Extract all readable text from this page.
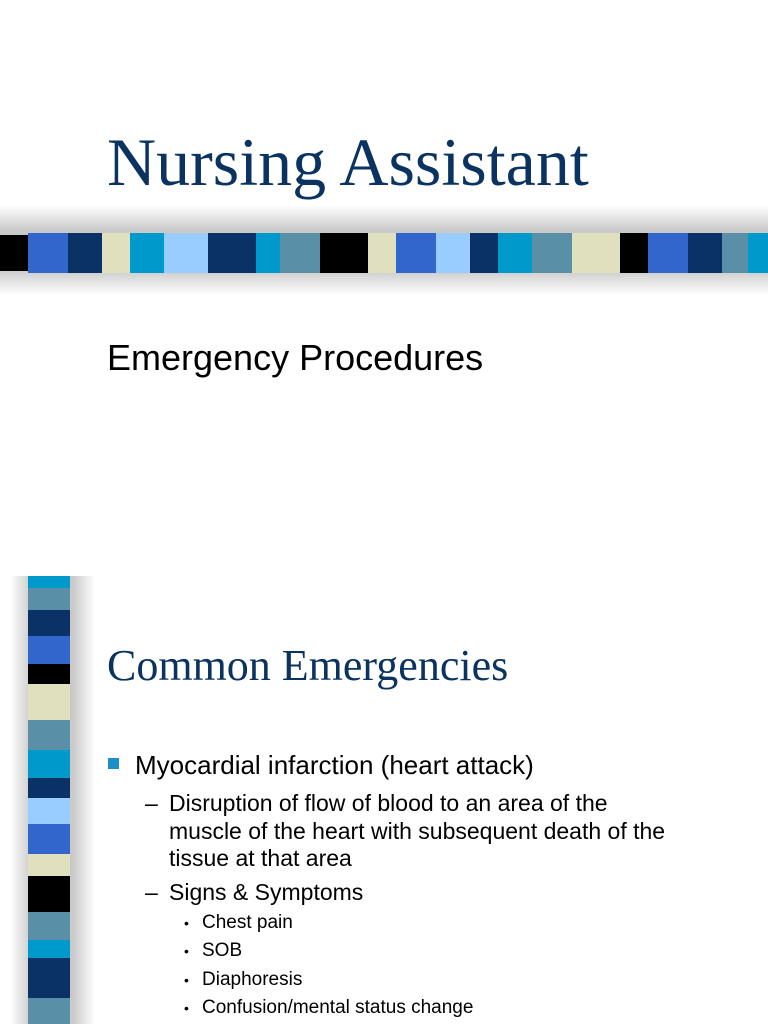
Nursing Assistant

Emergency Procedures

Common Emergencies
Myocardial infarction (heart attack)
– Disruption of flow of blood to an area of the
muscle of the heart with subsequent death of the
tissue at that area
– Signs & Symptoms
• Chest pain
• SOB
• Diaphoresis
• Confusion/mental status change
